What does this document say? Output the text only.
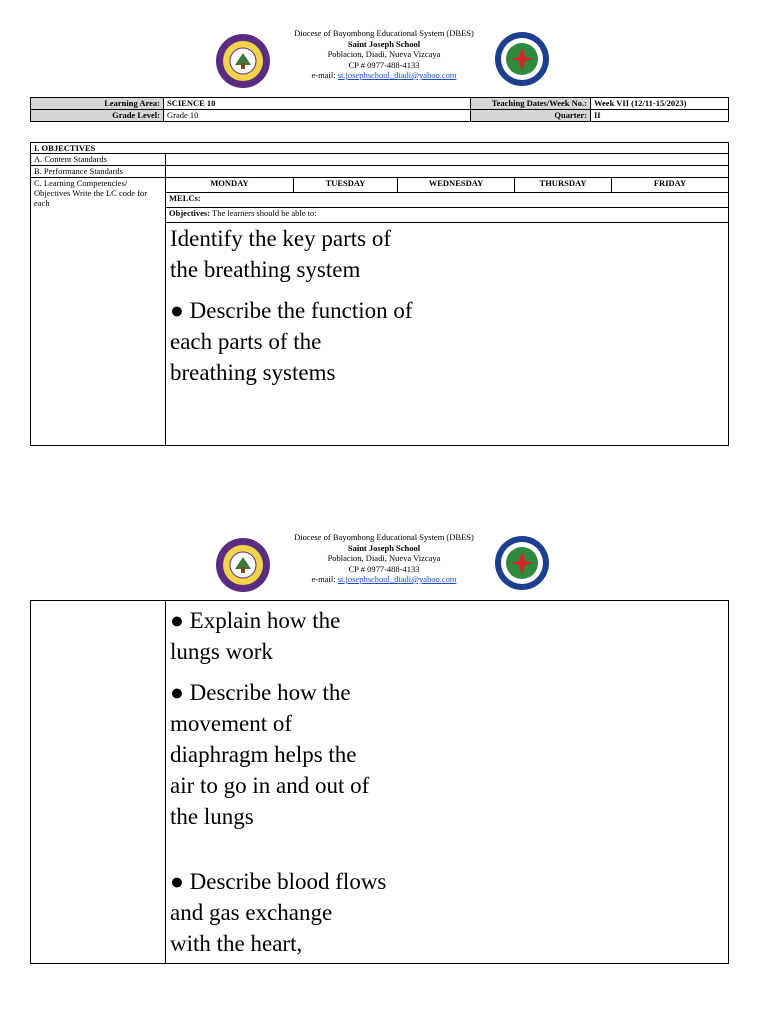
Diocese of Bayombong Educational System (DBES)
Saint Joseph School
Poblacion, Diadi, Nueva Vizcaya
CP # 0977-488-4133
e-mail: st.josephschool_diadi@yahoo.com
Learning Area:	SCIENCE 10	Teaching Dates/Week No.:	Week VII (12/11-15/2023)
Grade Level:	Grade 10	Quarter:	II
I. OBJECTIVES					
A. Content Standards					
B. Performance Standards					
C. Learning Competencies/ Objectives Write the LC code for each	MONDAY	TUESDAY	WEDNESDAY	THURSDAY	FRIDAY
	MELCs:				
	Objectives: The learners should be able to:				

	Identify the key parts of

the breathing system

● Describe the function of

each parts of the

breathing systems				

Diocese of Bayombong Educational System (DBES)
Saint Joseph School
Poblacion, Diadi, Nueva Vizcaya
CP # 0977-488-4133
e-mail: st.josephschool_diadi@yahoo.com

● Explain how the

lungs work

● Describe how the

movement of

diaphragm helps the

air to go in and out of

the lungs

● Describe blood flows

and gas exchange

with the heart,
